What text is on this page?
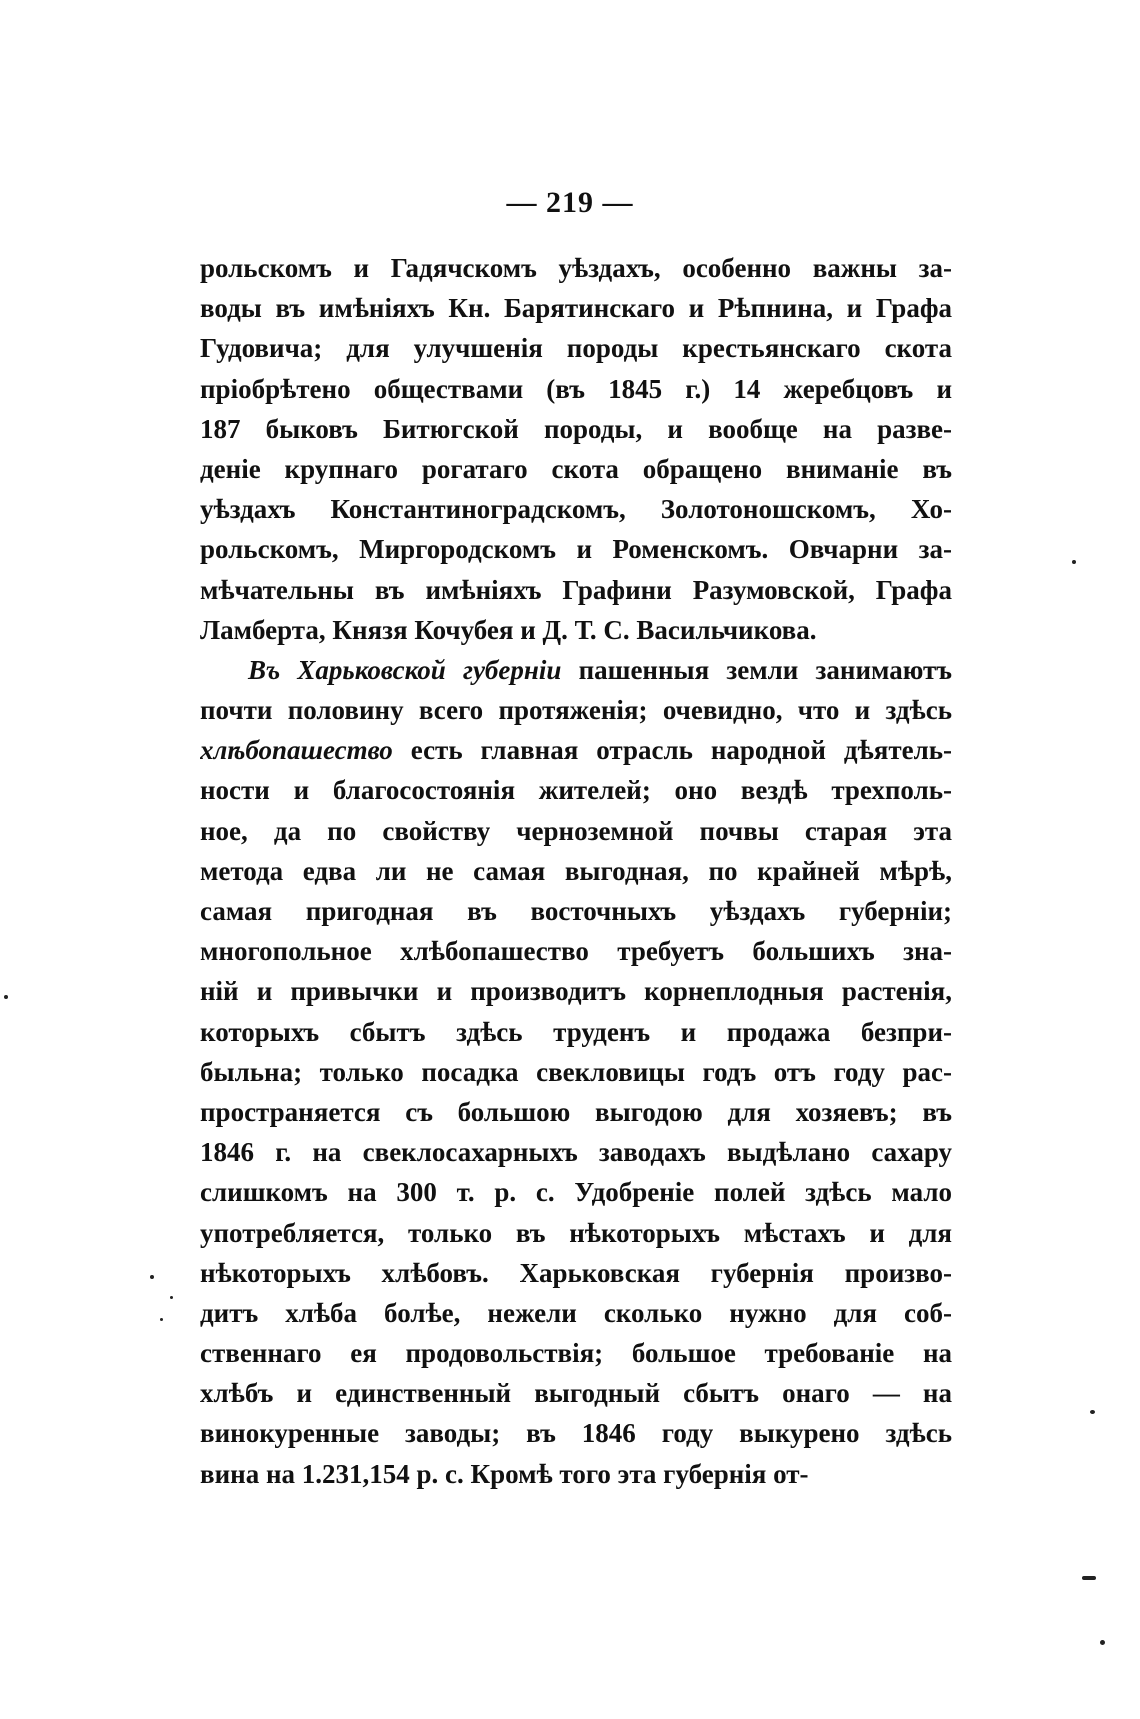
— 219 —
рольскомъ и Гадячскомъ уѣздахъ, особенно важны за-
воды въ имѣніяхъ Кн. Барятинскаго и Рѣпнина, и Графа
Гудовича; для улучшенія породы крестьянскаго скота
пріобрѣтено обществами (въ 1845 г.) 14 жеребцовъ и
187 быковъ Битюгской породы, и вообще на разве-
деніе крупнаго рогатаго скота обращено вниманіе въ
уѣздахъ Константиноградскомъ, Золотоношскомъ, Хо-
рольскомъ, Миргородскомъ и Роменскомъ. Овчарни за-
мѣчательны въ имѣніяхъ Графини Разумовской, Графа
Ламберта, Князя Кочубея и Д. Т. С. Васильчикова.
Въ Харьковской губерніи пашенныя земли занимаютъ
почти половину всего протяженія; очевидно, что и здѣсь
хлѣбопашество есть главная отрасль народной дѣятель-
ности и благосостоянія жителей; оно вездѣ трехполь-
ное, да по свойству черноземной почвы старая эта
метода едва ли не самая выгодная, по крайней мѣрѣ,
самая пригодная въ восточныхъ уѣздахъ губерніи;
многопольное хлѣбопашество требуетъ большихъ зна-
ній и привычки и производитъ корнеплодныя растенія,
которыхъ сбытъ здѣсь труденъ и продажа безпри-
быльна; только посадка свекловицы годъ отъ году рас-
пространяется съ большою выгодою для хозяевъ; въ
1846 г. на свеклосахарныхъ заводахъ выдѣлано сахару
слишкомъ на 300 т. р. с. Удобреніе полей здѣсь мало
употребляется, только въ нѣкоторыхъ мѣстахъ и для
нѣкоторыхъ хлѣбовъ. Харьковская губернія произво-
дитъ хлѣба болѣе, нежели сколько нужно для соб-
ственнаго ея продовольствія; большое требованіе на
хлѣбъ и единственный выгодный сбытъ онаго — на
винокуренные заводы; въ 1846 году выкурено здѣсь
вина на 1.231,154 р. с. Кромѣ того эта губернія от-
